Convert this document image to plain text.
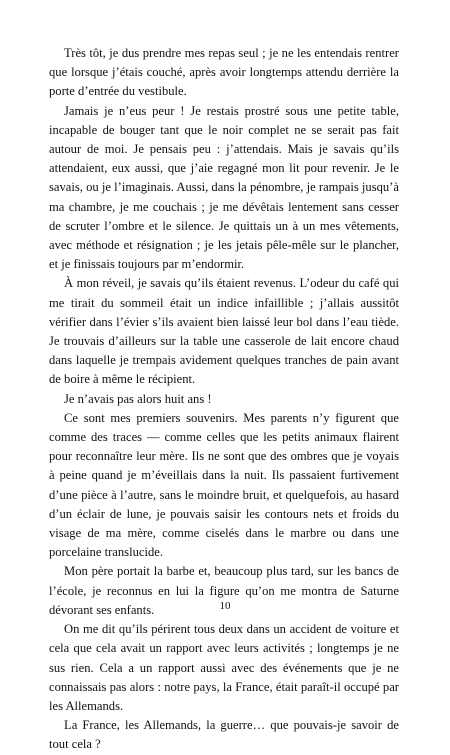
Très tôt, je dus prendre mes repas seul ; je ne les entendais rentrer que lorsque j’étais couché, après avoir longtemps attendu derrière la porte d’entrée du vestibule.

Jamais je n’eus peur ! Je restais prostré sous une petite table, incapable de bouger tant que le noir complet ne se serait pas fait autour de moi. Je pensais peu : j’attendais. Mais je savais qu’ils attendaient, eux aussi, que j’aie regagné mon lit pour revenir. Je le savais, ou je l’imaginais. Aussi, dans la pénombre, je rampais jusqu’à ma chambre, je me couchais ; je me dévêtais lentement sans cesser de scruter l’ombre et le silence. Je quittais un à un mes vêtements, avec méthode et résignation ; je les jetais pêle-mêle sur le plancher, et je finissais toujours par m’endormir.

À mon réveil, je savais qu’ils étaient revenus. L’odeur du café qui me tirait du sommeil était un indice infaillible ; j’allais aussitôt vérifier dans l’évier s’ils avaient bien laissé leur bol dans l’eau tiède. Je trouvais d’ailleurs sur la table une casserole de lait encore chaud dans laquelle je trempais avidement quelques tranches de pain avant de boire à même le récipient.

Je n’avais pas alors huit ans !

Ce sont mes premiers souvenirs. Mes parents n’y figurent que comme des traces — comme celles que les petits animaux flairent pour reconnaître leur mère. Ils ne sont que des ombres que je voyais à peine quand je m’éveillais dans la nuit. Ils passaient furtivement d’une pièce à l’autre, sans le moindre bruit, et quelquefois, au hasard d’un éclair de lune, je pouvais saisir les contours nets et froids du visage de ma mère, comme ciselés dans le marbre ou dans une porcelaine translucide.

Mon père portait la barbe et, beaucoup plus tard, sur les bancs de l’école, je reconnus en lui la figure qu’on me montra de Saturne dévorant ses enfants.

On me dit qu’ils périrent tous deux dans un accident de voiture et cela que cela avait un rapport avec leurs activités ; longtemps je ne sus rien. Cela a un rapport aussi avec des événements que je ne connaissais pas alors : notre pays, la France, était paraît-il occupé par les Allemands.

La France, les Allemands, la guerre… que pouvais-je savoir de tout cela ?

10
